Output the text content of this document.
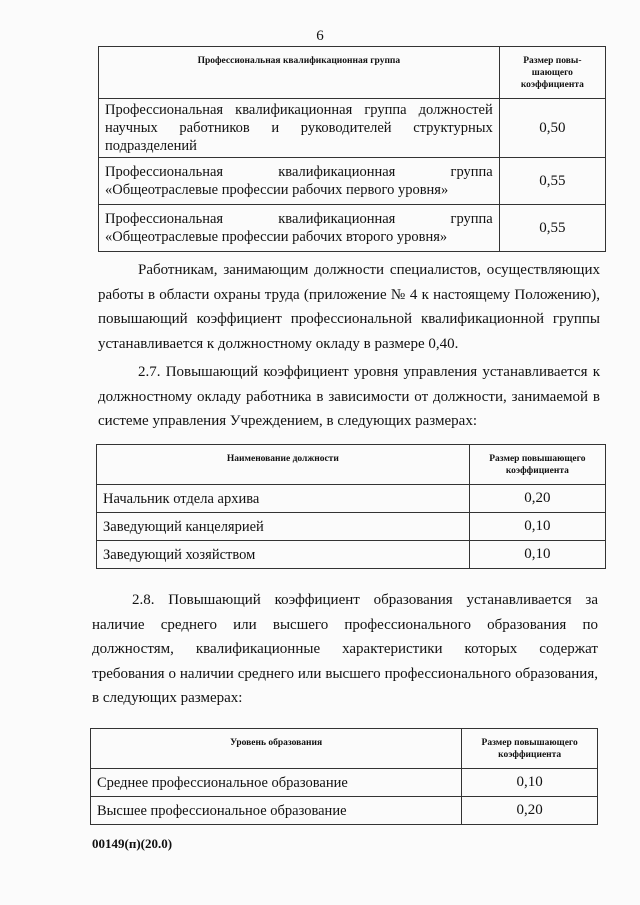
6
Профессиональная квалификационная группа	Размер повы-шающего коэффициента
Профессиональная квалификационная группа должностей научных работников и руководителей структурных подразделений	0,50
Профессиональная квалификационная группа «Общеотраслевые профессии рабочих первого уровня»	0,55
Профессиональная квалификационная группа «Общеотраслевые профессии рабочих второго уровня»	0,55

Работникам, занимающим должности специалистов, осуществляющих работы в области охраны труда (приложение № 4 к настоящему Положению), повышающий коэффициент профессиональной квалификационной группы устанавливается к должностному окладу в размере 0,40.

2.7. Повышающий коэффициент уровня управления устанавливается к должностному окладу работника в зависимости от должности, занимаемой в системе управления Учреждением, в следующих размерах:

Наименование должности	Размер повышающего коэффициента
Начальник отдела архива	0,20
Заведующий канцелярией	0,10
Заведующий хозяйством	0,10

2.8. Повышающий коэффициент образования устанавливается за наличие среднего или высшего профессионального образования по должностям, квалификационные характеристики которых содержат требования о наличии среднего или высшего профессионального образования, в следующих размерах:

Уровень образования	Размер повышающего коэффициента
Среднее профессиональное образование	0,10
Высшее профессиональное образование	0,20
00149(п)(20.0)
